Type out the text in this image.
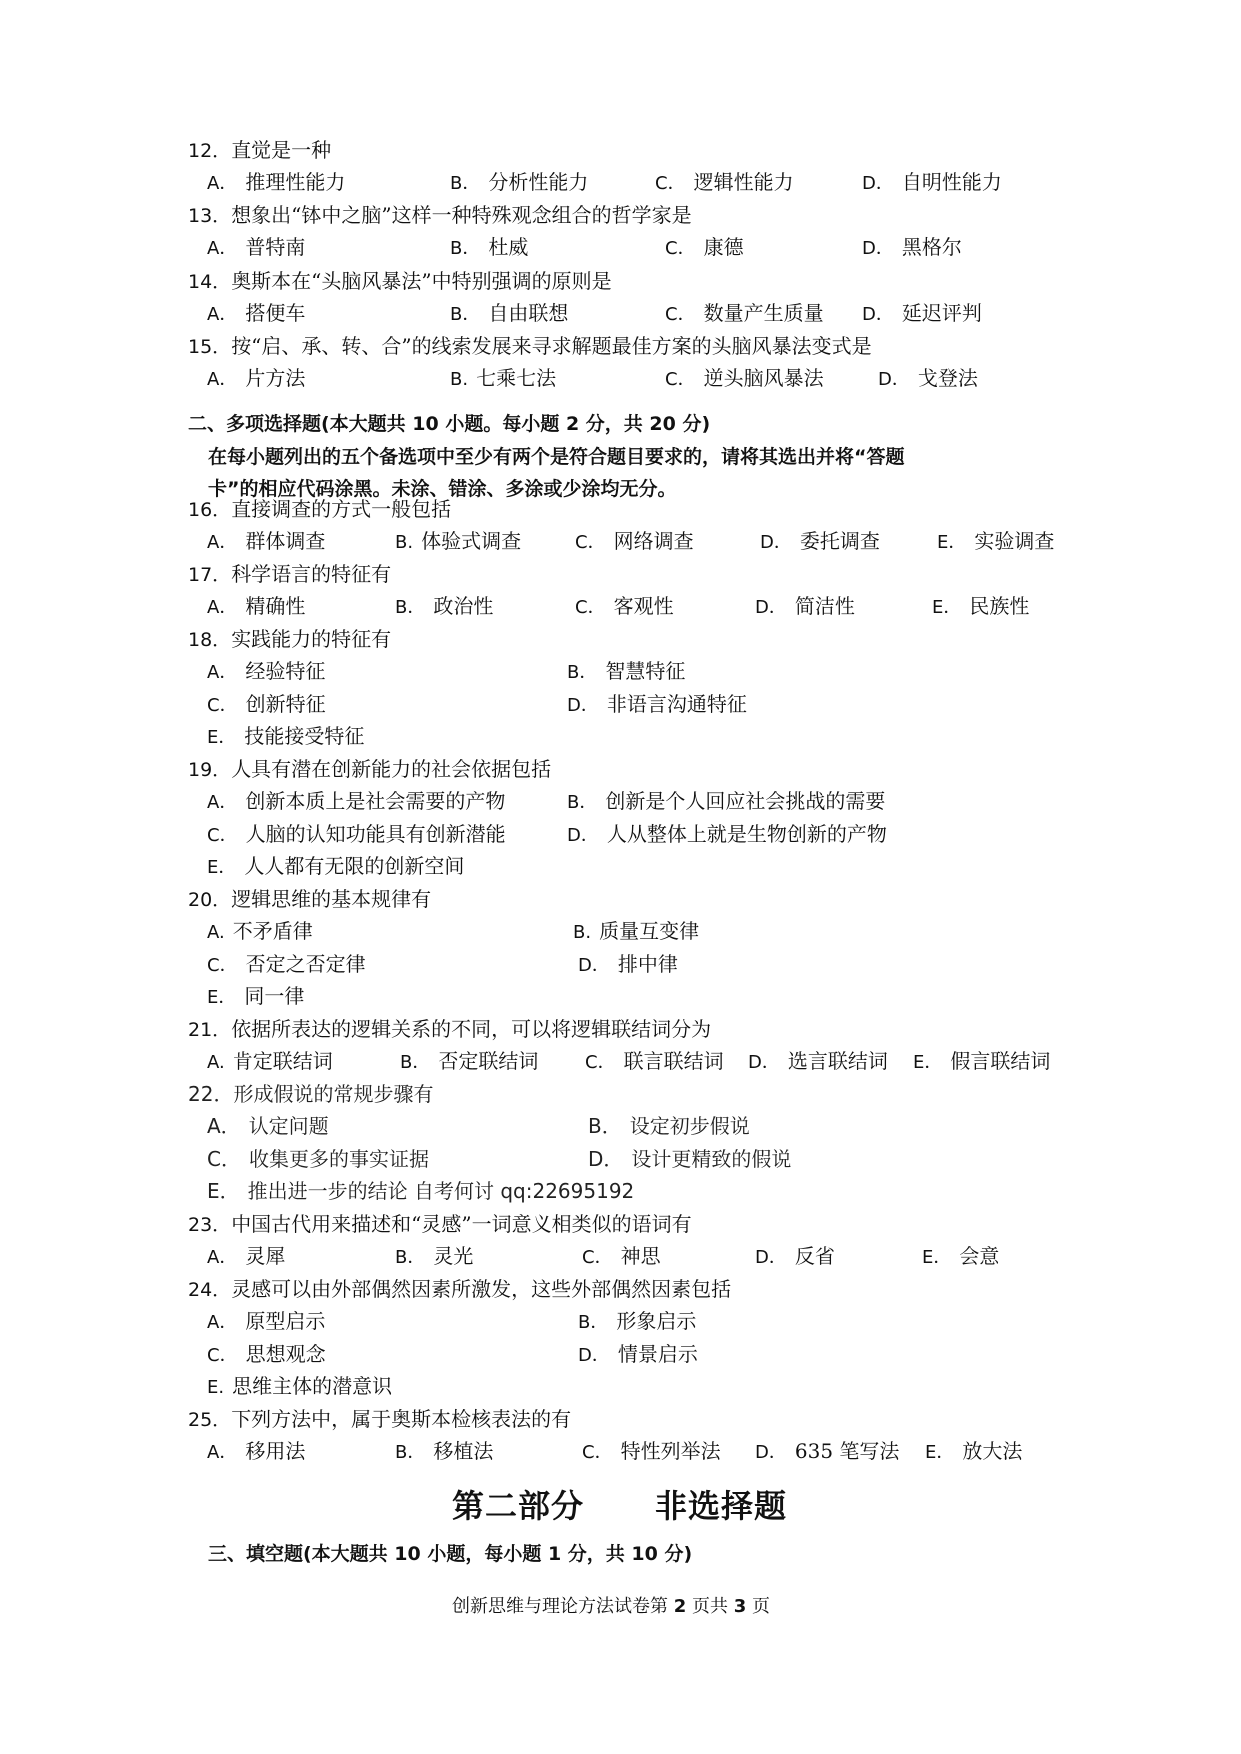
12．直觉是一种
A． 推理性能力	B． 分析性能力	C． 逻辑性能力	D． 自明性能力
13．想象出“钵中之脑”这样一种特殊观念组合的哲学家是
A． 普特南	B． 杜威	C． 康德	D． 黑格尔
14．奥斯本在“头脑风暴法”中特别强调的原则是
A． 搭便车	B． 自由联想	C． 数量产生质量 D． 延迟评判
15．按“启、承、转、合”的线索发展来寻求解题最佳方案的头脑风暴法变式是
A． 片方法	B. 七乘七法	C． 逆头脑风暴法	D． 戈登法
16．直接调查的方式一般包括
A． 群体调查	B. 体验式调查	C． 网络调查	D． 委托调查	E． 实验调查
17．科学语言的特征有
A． 精确性	B． 政治性	C． 客观性	D． 简洁性	E． 民族性
18．实践能力的特征有
A． 经验特征	B． 智慧特征
C． 创新特征	D． 非语言沟通特征
E． 技能接受特征
19．人具有潜在创新能力的社会依据包括
A． 创新本质上是社会需要的产物	B． 创新是个人回应社会挑战的需要
C． 人脑的认知功能具有创新潜能	D． 人从整体上就是生物创新的产物
E． 人人都有无限的创新空间
20．逻辑思维的基本规律有
A. 不矛盾律	B. 质量互变律
C． 否定之否定律	D． 排中律
E． 同一律
21．依据所表达的逻辑关系的不同，可以将逻辑联结词分为
A. 肯定联结词	B． 否定联结词	C． 联言联结词 D． 选言联结词 E． 假言联结词
22．形成假说的常规步骤有
A． 认定问题	B． 设定初步假说
C． 收集更多的事实证据	D． 设计更精致的假说
E． 推出进一步的结论 自考何讨 qq:22695192
23．中国古代用来描述和“灵感”一词意义相类似的语词有
A． 灵犀	B． 灵光	C． 神思	D． 反省	E． 会意
24．灵感可以由外部偶然因素所激发，这些外部偶然因素包括
A． 原型启示	B． 形象启示
C． 思想观念	D． 情景启示
E. 思维主体的潜意识
25．下列方法中，属于奥斯本检核表法的有
A． 移用法	B． 移植法	C． 特性列举法 D． 635 笔写法 E． 放大法
二、多项选择题(本大题共 10 小题。每小题 2 分，共 20 分)
在每小题列出的五个备选项中至少有两个是符合题目要求的，请将其选出并将“答题
卡”的相应代码涂黑。未涂、错涂、多涂或少涂均无分。
第二部分 非选择题
三、填空题(本大题共 10 小题，每小题 1 分，共 10 分)
创新思维与理论方法试卷第 2 页共 3 页
